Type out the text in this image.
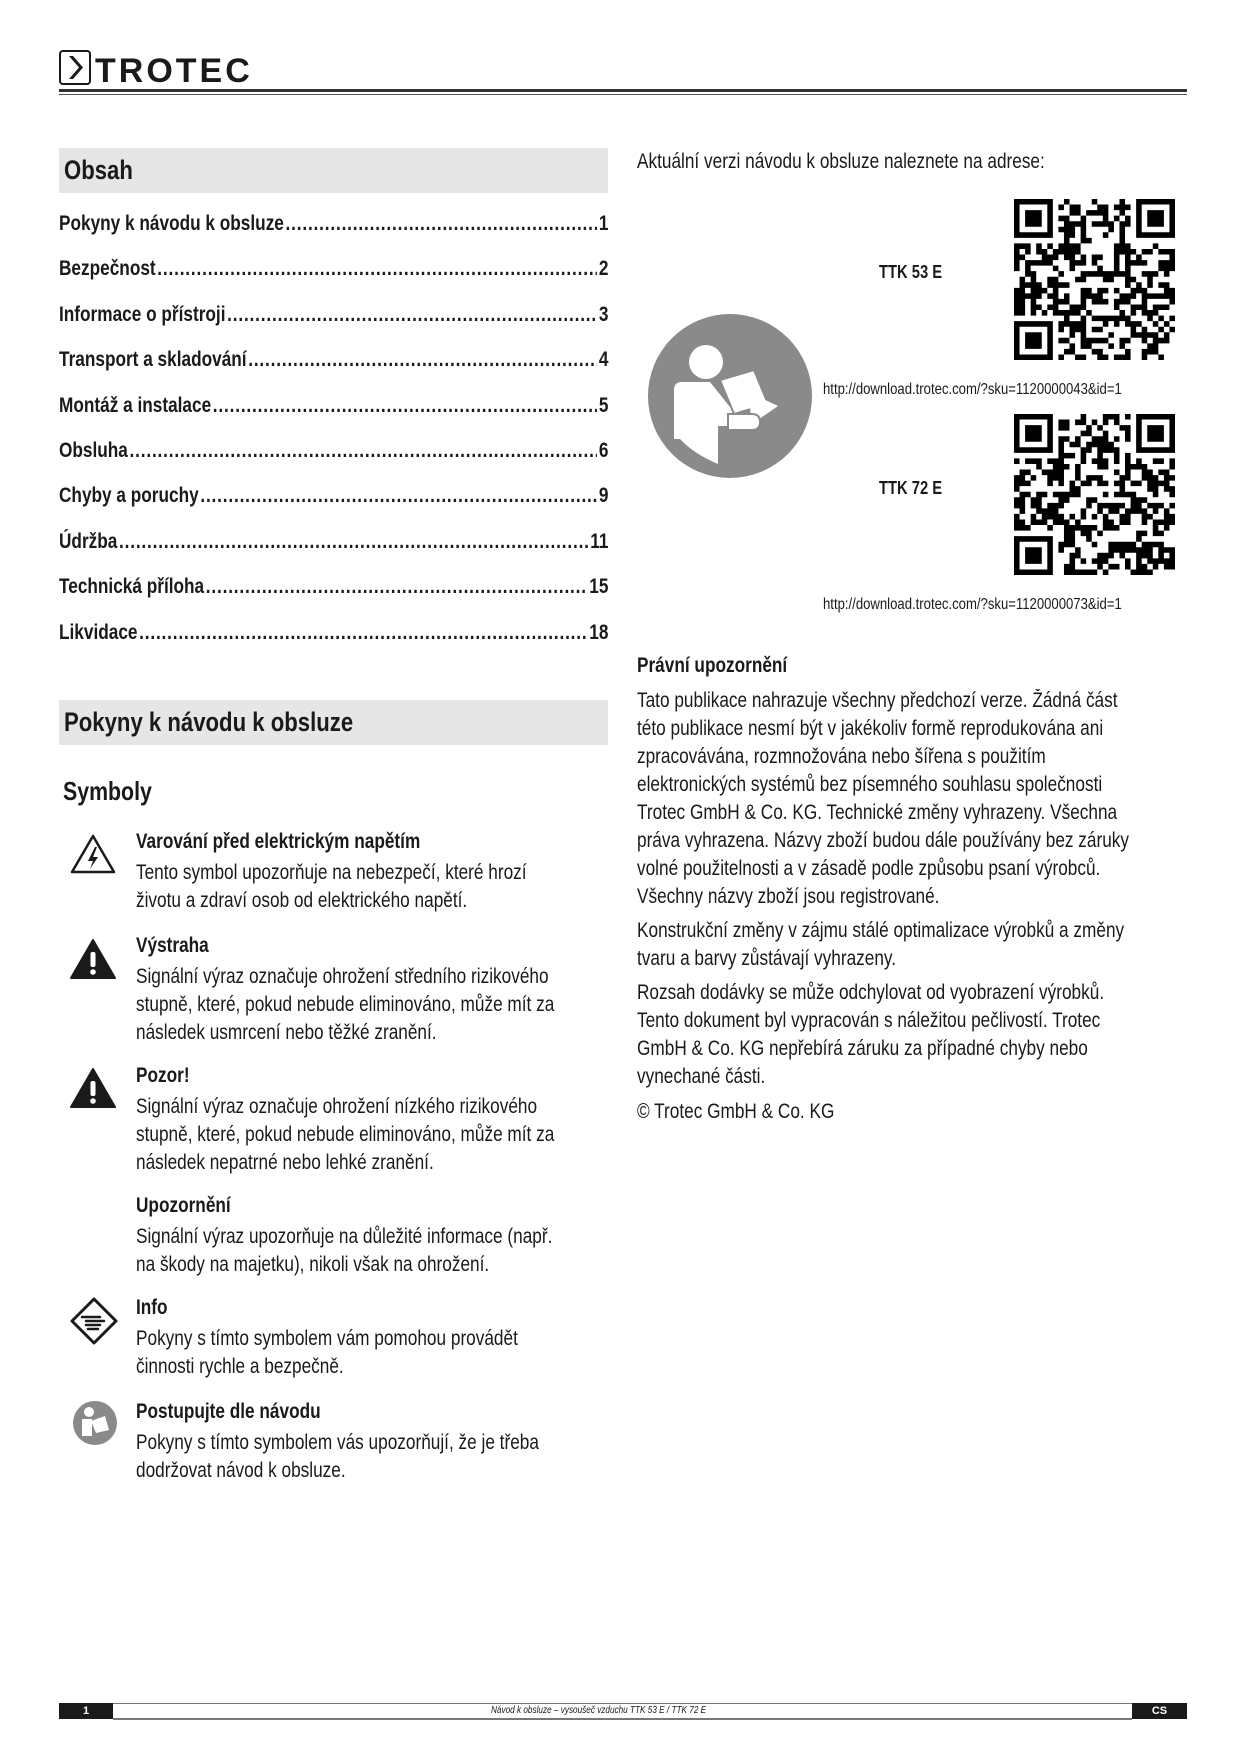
TROTEC
Obsah
Pokyny k návodu k obsluze .....	1
Bezpečnost .....	2
Informace o přístroji .....	3
Transport a skladování .....	4
Montáž a instalace .....	5
Obsluha .....	6
Chyby a poruchy .....	9
Údržba .....	11
Technická příloha .....	15
Likvidace .....	18
Pokyny k návodu k obsluze
Symboly
Varování před elektrickým napětím
Tento symbol upozorňuje na nebezpečí, které hrozí
životu a zdraví osob od elektrického napětí.
Výstraha
Signální výraz označuje ohrožení středního rizikového
stupně, které, pokud nebude eliminováno, může mít za
následek usmrcení nebo těžké zranění.
Pozor!
Signální výraz označuje ohrožení nízkého rizikového
stupně, které, pokud nebude eliminováno, může mít za
následek nepatrné nebo lehké zranění.
Upozornění
Signální výraz upozorňuje na důležité informace (např.
na škody na majetku), nikoli však na ohrožení.
Info
Pokyny s tímto symbolem vám pomohou provádět
činnosti rychle a bezpečně.
Postupujte dle návodu
Pokyny s tímto symbolem vás upozorňují, že je třeba
dodržovat návod k obsluze.
Aktuální verzi návodu k obsluze naleznete na adrese:
TTK 53 E
http://download.trotec.com/?sku=1120000043&id=1
TTK 72 E
http://download.trotec.com/?sku=1120000073&id=1
Právní upozornění
Tato publikace nahrazuje všechny předchozí verze. Žádná část
této publikace nesmí být v jakékoliv formě reprodukována ani
zpracovávána, rozmnožována nebo šířena s použitím
elektronických systémů bez písemného souhlasu společnosti
Trotec GmbH & Co. KG. Technické změny vyhrazeny. Všechna
práva vyhrazena. Názvy zboží budou dále používány bez záruky
volné použitelnosti a v zásadě podle způsobu psaní výrobců.
Všechny názvy zboží jsou registrované.
Konstrukční změny v zájmu stálé optimalizace výrobků a změny
tvaru a barvy zůstávají vyhrazeny.
Rozsah dodávky se může odchylovat od vyobrazení výrobků.
Tento dokument byl vypracován s náležitou pečlivostí. Trotec
GmbH & Co. KG nepřebírá záruku za případné chyby nebo
vynechané části.
© Trotec GmbH & Co. KG
1	Návod k obsluze – vysoušeč vzduchu TTK 53 E / TTK 72 E	CS
